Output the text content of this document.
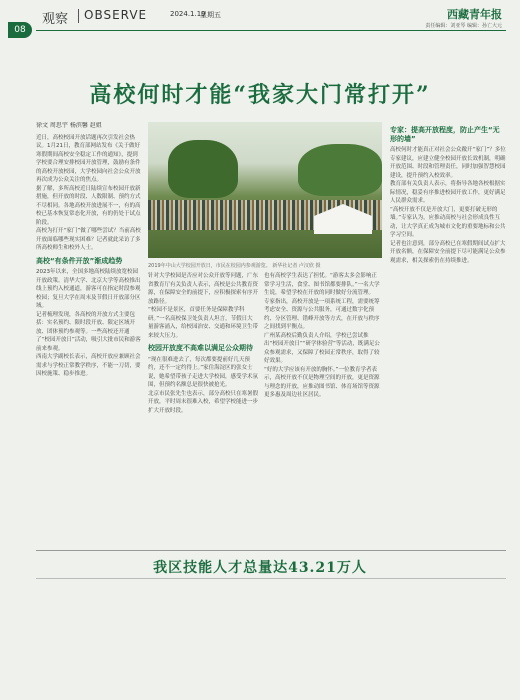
08
观察 OBSERVE	2024.1.19
星期五	西藏青年报
责任编辑：刘亚琴 编辑：孙亡大元
高校何时才能“我家大门常打开”
徐文 周思宇 杨滨馨 赵姐

近日，高校校园开放话题再次引发社会热议。1月21日，教育部网站发布《关于做好寒假期间高校安全稳定工作的通知》，提到学校要合理安排校园开放管理，鼓励有条件的高校开放校园，大学校园向社会公众开放再次成为公众关注的焦点。

据了解，多所高校近日陆续宣布校园开放新措施，但开放的时段、人数限制、预约方式不尽相同。各地高校开放进展不一，有的高校已基本恢复常态化开放，有的仍处于试点阶段。

高校为打开“家门”做了哪些尝试？当前高校开放面临哪些现实困难？记者就此采访了多所高校师生和校外人士。

高校“有条件开放”渐成趋势

2023年以来，全国多地高校陆续放宽校园开放政策。清华大学、北京大学等高校推出线上预约入校通道，游客可在指定时段参观校园；复旦大学在周末及节假日开放部分区域。

记者梳理发现，各高校的开放方式主要包括：实名预约、限时段开放、限定区域开放、团体预约参观等。一些高校还开通了“校园开放日”活动，吸引大批市民和游客前来参观。

西南大学副校长表示，高校开放应兼顾社会需求与学校正常教学秩序，不能一刀切，要因校施策、稳步推进。

2019年中山大学校园开放日，市民在校园内参观游览。 新华社记者 卢汉欣 摄

针对大学校园是否应对公众开放等问题，广东省教育厅有关负责人表示，高校是公共教育资源，在保障安全的前提下，应积极探索有序开放路径。

“校园不是景区，首要任务是保障教学科研。”一名高校保卫处负责人坦言，节假日大量游客涌入，给校园治安、交通和环境卫生带来较大压力。

校园开放度不高难以满足公众期待

“现在很难进去了，每次都要提前好几天预约，还不一定约得上。”家住海淀区的张女士说，她希望带孩子走进大学校园，感受学术氛围，但预约名额总是很快被抢光。

北京市民张先生也表示，部分高校只在寒暑假开放，平时周末很难入校，希望学校能进一步扩大开放时段。

也有高校学生表达了担忧。“游客太多会影响正常学习生活，食堂、图书馆都要排队。”一名大学生说，希望学校在开放的同时做好分流管理。

专家指出，高校开放是一项系统工程，需要统筹考虑安全、资源与公共服务，可通过数字化预约、分区管理、错峰开放等方式，在开放与秩序之间找到平衡点。

广州某高校后勤负责人介绍，学校已尝试推出“校园开放日”“研学体验营”等活动，既满足公众参观需求，又保障了校园正常秩序，取得了较好效果。

“好的大学应该有开放的胸怀。”一位教育学者表示，高校开放不仅是物理空间的开放，更是资源与理念的开放，应推动图书馆、体育场馆等资源更多惠及周边社区居民。

专家：提高开放程度，防止产生“无形的墙”

高校何时才能真正对社会公众敞开“家门”？多位专家建议，应建立健全校园开放长效机制，明确开放范围、时段和管理责任，同时加强智慧校园建设，提升预约入校效率。

教育部有关负责人表示，将指导各地各校根据实际情况，稳妥有序推进校园开放工作，更好满足人民群众需求。

“高校开放不仅是开放大门，更要打破无形的墙。”专家认为，应推动高校与社会形成良性互动，让大学真正成为城市文化的重要地标和公共学习空间。

记者也注意到，部分高校已在寒假期间试点扩大开放名额，在保障安全前提下尽可能满足公众参观需求，相关探索仍在持续推进。

我区技能人才总量达43.21万人
